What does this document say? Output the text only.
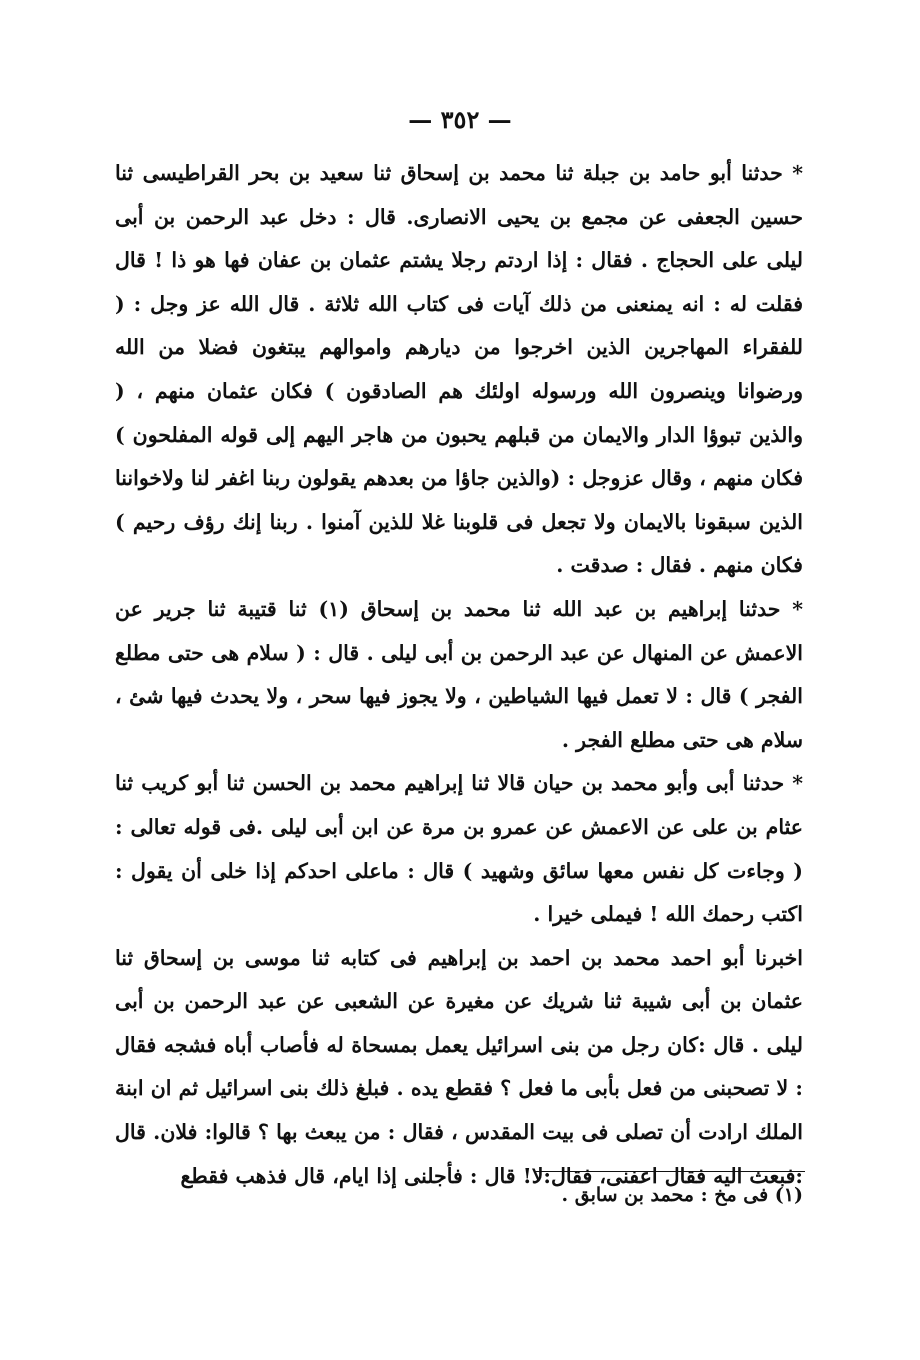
— ٣٥٢ —

* حدثنا أبو حامد بن جبلة ثنا محمد بن إسحاق ثنا سعيد بن بحر القراطيسى ثنا حسين الجعفى عن مجمع بن يحيى الانصارى. قال : دخل عبد الرحمن بن أبى ليلى على الحجاج . فقال : إذا اردتم رجلا يشتم عثمان بن عفان فها هو ذا ! قال فقلت له : انه يمنعنى من ذلك آيات فى كتاب الله ثلاثة . قال الله عز وجل : ( للفقراء المهاجرين الذين اخرجوا من ديارهم واموالهم يبتغون فضلا من الله ورضوانا وينصرون الله ورسوله اولئك هم الصادقون ) فكان عثمان منهم ، ( والذين تبوؤا الدار والايمان من قبلهم يحبون من هاجر اليهم إلى قوله المفلحون ) فكان منهم ، وقال عزوجل : (والذين جاؤا من بعدهم يقولون ربنا اغفر لنا ولاخواننا الذين سبقونا بالايمان ولا تجعل فى قلوبنا غلا للذين آمنوا . ربنا إنك رؤف رحيم ) فكان منهم . فقال : صدقت .

* حدثنا إبراهيم بن عبد الله ثنا محمد بن إسحاق (١) ثنا قتيبة ثنا جرير عن الاعمش عن المنهال عن عبد الرحمن بن أبى ليلى . قال : ( سلام هى حتى مطلع الفجر ) قال : لا تعمل فيها الشياطين ، ولا يجوز فيها سحر ، ولا يحدث فيها شئ ، سلام هى حتى مطلع الفجر .

* حدثنا أبى وأبو محمد بن حيان قالا ثنا إبراهيم محمد بن الحسن ثنا أبو كريب ثنا عثام بن على عن الاعمش عن عمرو بن مرة عن ابن أبى ليلى .فى قوله تعالى : ( وجاءت كل نفس معها سائق وشهيد ) قال : ماعلى احدكم إذا خلى أن يقول : اكتب رحمك الله ! فيملى خيرا .

اخبرنا أبو احمد محمد بن احمد بن إبراهيم فى كتابه ثنا موسى بن إسحاق ثنا عثمان بن أبى شيبة ثنا شريك عن مغيرة عن الشعبى عن عبد الرحمن بن أبى ليلى . قال :كان رجل من بنى اسرائيل يعمل بمسحاة له فأصاب أباه فشجه فقال : لا تصحبنى من فعل بأبى ما فعل ؟ فقطع يده . فبلغ ذلك بنى اسرائيل ثم ان ابنة الملك ارادت أن تصلى فى بيت المقدس ، فقال : من يبعث بها ؟ قالوا: فلان. قال :فبعث اليه فقال اعفنى، فقال:لا! قال : فأجلنى إذا ايام، قال فذهب فقطع

(١) فى مخ : محمد بن سابق .
